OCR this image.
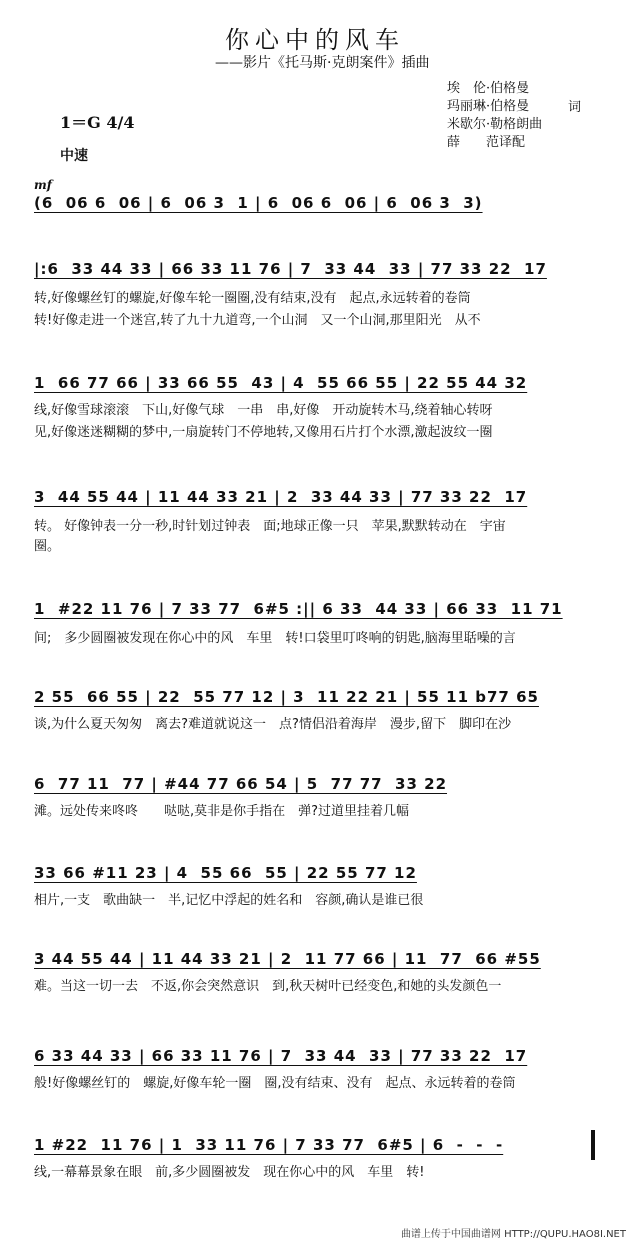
你心中的风车
——影片《托马斯·克朗案件》插曲
埃　伦·伯格曼
玛丽琳·伯格曼
米歇尔·勒格朗曲
薛　　范译配
词
1＝G 4/4
中速
mf
(6  06 6  06 | 6  06 3  1 | 6  06 6  06 | 6  06 3  3)
|:6  33 44 33 | 66 33 11 76 | 7  33 44  33 | 77 33 22  17
转,好像螺丝钉的螺旋,好像车轮一圈圈,没有结束,没有　起点,永远转着的卷筒
转!好像走进一个迷宫,转了九十九道弯,一个山洞　又一个山洞,那里阳光　从不
1  66 77 66 | 33 66 55  43 | 4  55 66 55 | 22 55 44 32
线,好像雪球滚滚　下山,好像气球　一串　串,好像　开动旋转木马,绕着轴心转呀
见,好像迷迷糊糊的梦中,一扇旋转门不停地转,又像用石片打个水漂,激起波纹一圈
3  44 55 44 | 11 44 33 21 | 2  33 44 33 | 77 33 22  17
转。 好像钟表一分一秒,时针划过钟表　面;地球正像一只　苹果,默默转动在　宇宙
圈。
1  #22 11 76 | 7 33 77  6#5 :|| 6 33  44 33 | 66 33  11 71
间;　多少圆圈被发现在你心中的风　车里　转!口袋里叮咚响的钥匙,脑海里聒噪的言
2 55  66 55 | 22  55 77 12 | 3  11 22 21 | 55 11 b77 65
谈,为什么夏天匆匆　离去?难道就说这一　点?情侣沿着海岸　漫步,留下　脚印在沙
6  77 11  77 | #44 77 66 54 | 5  77 77  33 22
滩。远处传来咚咚　　哒哒,莫非是你手指在　弹?过道里挂着几幅
33 66 #11 23 | 4  55 66  55 | 22 55 77 12
相片,一支　歌曲缺一　半,记忆中浮起的姓名和　容颜,确认是谁已很
3 44 55 44 | 11 44 33 21 | 2  11 77 66 | 11  77  66 #55
难。当这一切一去　不返,你会突然意识　到,秋天树叶已经变色,和她的头发颜色一
6 33 44 33 | 66 33 11 76 | 7  33 44  33 | 77 33 22  17
般!好像螺丝钉的　螺旋,好像车轮一圈　圈,没有结束、没有　起点、永远转着的卷筒
1 #22  11 76 | 1  33 11 76 | 7 33 77  6#5 | 6  -  -  -
线,一幕幕景象在眼　前,多少圆圈被发　现在你心中的风　车里　转!
曲谱上传于中国曲谱网 HTTP://QUPU.HAO8I.NET
